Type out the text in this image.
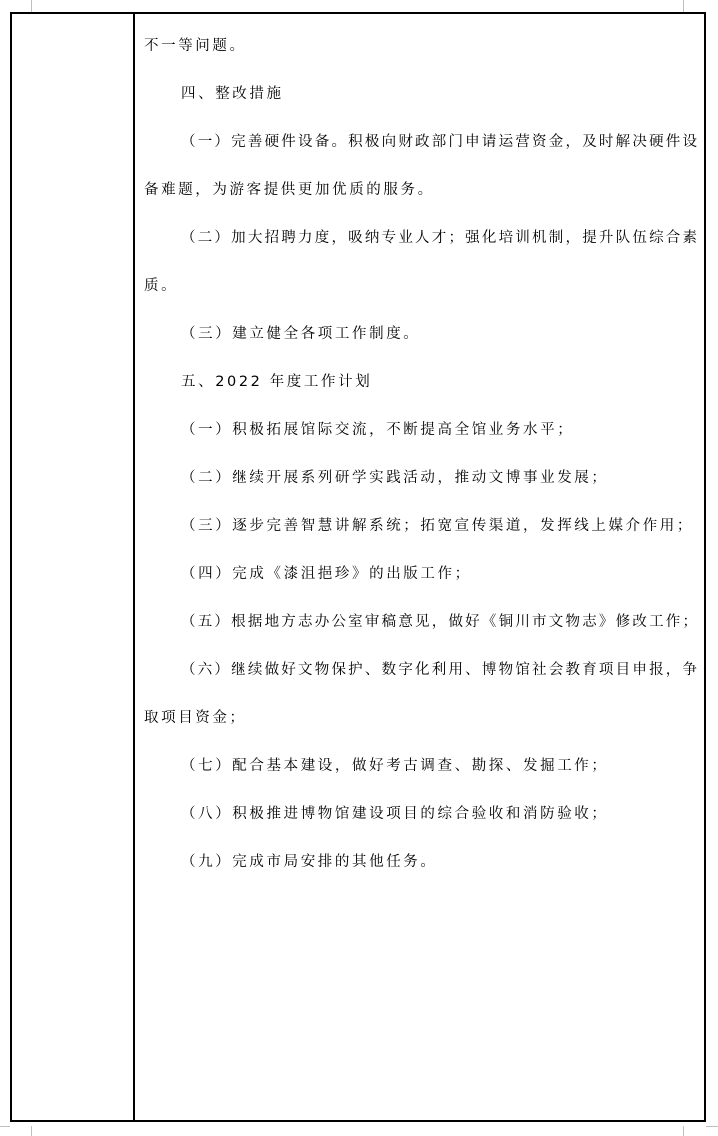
不一等问题。
四、整改措施
（一）完善硬件设备。积极向财政部门申请运营资金，及时解决硬件设
备难题，为游客提供更加优质的服务。
（二）加大招聘力度，吸纳专业人才；强化培训机制，提升队伍综合素
质。
（三）建立健全各项工作制度。
五、2022 年度工作计划
（一）积极拓展馆际交流，不断提高全馆业务水平；
（二）继续开展系列研学实践活动，推动文博事业发展；
（三）逐步完善智慧讲解系统；拓宽宣传渠道，发挥线上媒介作用；
（四）完成《漆沮挹珍》的出版工作；
（五）根据地方志办公室审稿意见，做好《铜川市文物志》修改工作；
（六）继续做好文物保护、数字化利用、博物馆社会教育项目申报，争
取项目资金；
（七）配合基本建设，做好考古调查、勘探、发掘工作；
（八）积极推进博物馆建设项目的综合验收和消防验收；
（九）完成市局安排的其他任务。
